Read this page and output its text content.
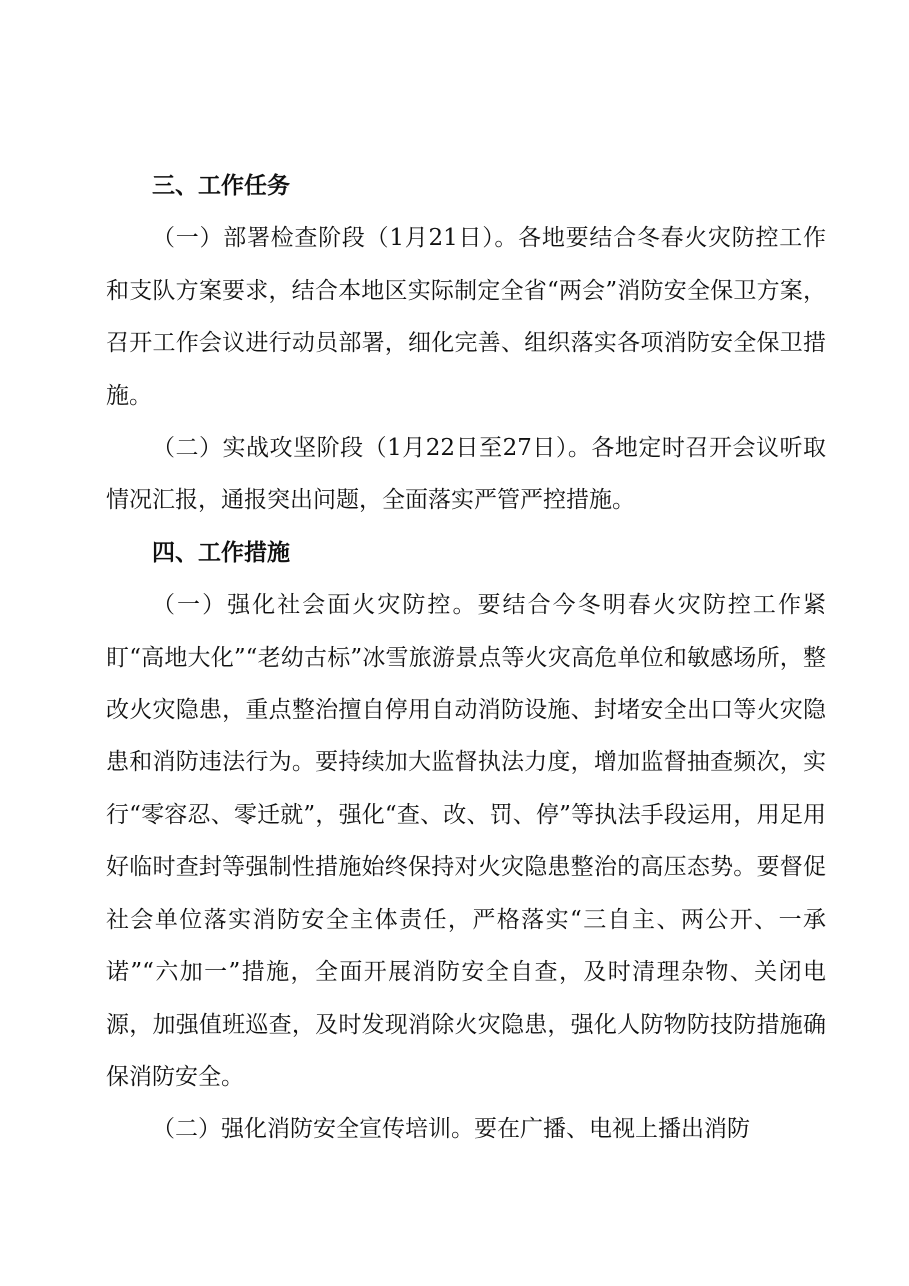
三、工作任务

（一）部署检查阶段（1月21日）。各地要结合冬春火灾防控工作和支队方案要求，结合本地区实际制定全省“两会”消防安全保卫方案，召开工作会议进行动员部署，细化完善、组织落实各项消防安全保卫措施。

（二）实战攻坚阶段（1月22日至27日）。各地定时召开会议听取情况汇报，通报突出问题，全面落实严管严控措施。

四、工作措施

（一）强化社会面火灾防控。要结合今冬明春火灾防控工作紧盯“高地大化”“老幼古标”冰雪旅游景点等火灾高危单位和敏感场所，整改火灾隐患，重点整治擅自停用自动消防设施、封堵安全出口等火灾隐患和消防违法行为。要持续加大监督执法力度，增加监督抽查频次，实行“零容忍、零迁就”，强化“查、改、罚、停”等执法手段运用，用足用好临时查封等强制性措施始终保持对火灾隐患整治的高压态势。要督促社会单位落实消防安全主体责任，严格落实“三自主、两公开、一承诺”“六加一”措施，全面开展消防安全自查，及时清理杂物、关闭电源，加强值班巡查，及时发现消除火灾隐患，强化人防物防技防措施确保消防安全。

（二）强化消防安全宣传培训。要在广播、电视上播出消防
